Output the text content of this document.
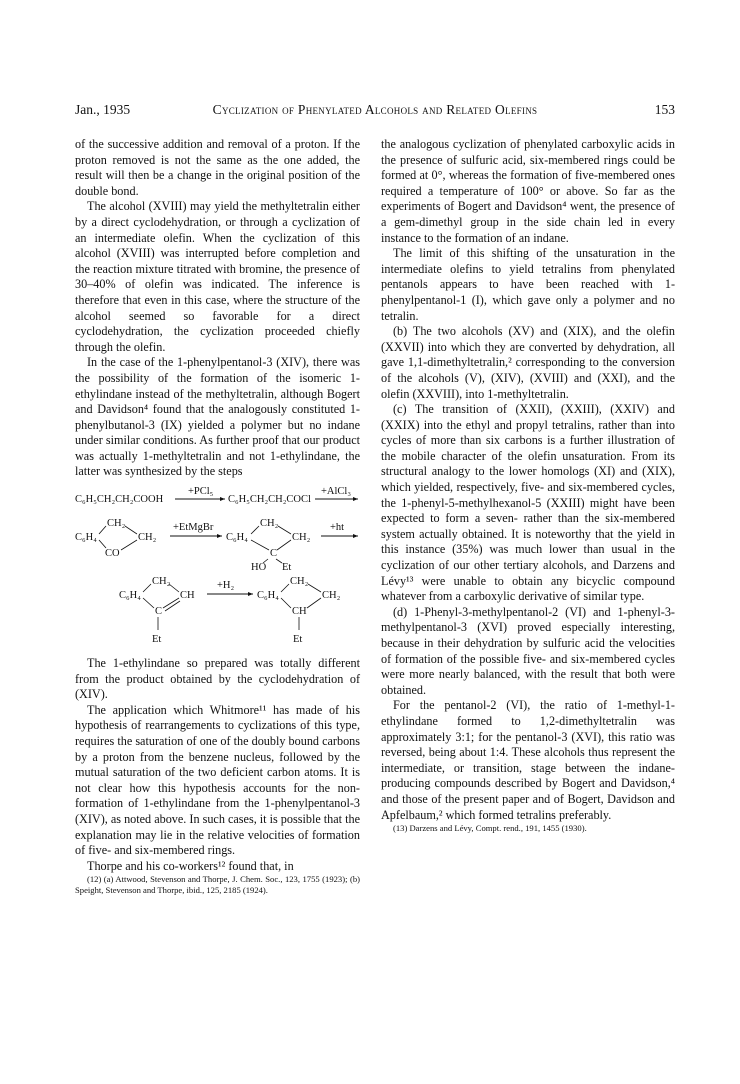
Jan., 1935	Cyclization of Phenylated Alcohols and Related Olefins	153

of the successive addition and removal of a proton. If the proton removed is not the same as the one added, the result will then be a change in the original position of the double bond.

The alcohol (XVIII) may yield the methyltetralin either by a direct cyclodehydration, or through a cyclization of an intermediate olefin. When the cyclization of this alcohol (XVIII) was interrupted before completion and the reaction mixture titrated with bromine, the presence of 30–40% of olefin was indicated. The inference is therefore that even in this case, where the structure of the alcohol seemed so favorable for a direct cyclodehydration, the cyclization proceeded chiefly through the olefin.

In the case of the 1-phenylpentanol-3 (XIV), there was the possibility of the formation of the isomeric 1-ethylindane instead of the methyltetralin, although Bogert and Davidson⁴ found that the analogously constituted 1-phenylbutanol-3 (IX) yielded a polymer but no indane under similar conditions. As further proof that our product was actually 1-methyltetralin and not 1-ethylindane, the latter was synthesized by the steps

C₆H₅CH₂CH₂COOH
+PCl₅
C₆H₅CH₂CH₂COCl
+AlCl₃
C₆H₄
CH₂
CH₂
CO
+EtMgBr
C₆H₄
CH₂
CH₂
C
HO Et
+ht
C₆H₄
CH₂
CH
C
Et
+H₂
C₆H₄
CH₂
CH₂
CH
Et

The 1-ethylindane so prepared was totally different from the product obtained by the cyclodehydration of (XIV).

The application which Whitmore¹¹ has made of his hypothesis of rearrangements to cyclizations of this type, requires the saturation of one of the doubly bound carbons by a proton from the benzene nucleus, followed by the mutual saturation of the two deficient carbon atoms. It is not clear how this hypothesis accounts for the non-formation of 1-ethylindane from the 1-phenylpentanol-3 (XIV), as noted above. In such cases, it is possible that the explanation may lie in the relative velocities of formation of five- and six-membered rings.

Thorpe and his co-workers¹² found that, in

(12) (a) Attwood, Stevenson and Thorpe, J. Chem. Soc., 123, 1755 (1923); (b) Speight, Stevenson and Thorpe, ibid., 125, 2185 (1924).

the analogous cyclization of phenylated carboxylic acids in the presence of sulfuric acid, six-membered rings could be formed at 0°, whereas the formation of five-membered ones required a temperature of 100° or above. So far as the experiments of Bogert and Davidson⁴ went, the presence of a gem-dimethyl group in the side chain led in every instance to the formation of an indane.

The limit of this shifting of the unsaturation in the intermediate olefins to yield tetralins from phenylated pentanols appears to have been reached with 1-phenylpentanol-1 (I), which gave only a polymer and no tetralin.

(b) The two alcohols (XV) and (XIX), and the olefin (XXVII) into which they are converted by dehydration, all gave 1,1-dimethyltetralin,² corresponding to the conversion of the alcohols (V), (XIV), (XVIII) and (XXI), and the olefin (XXVIII), into 1-methyltetralin.

(c) The transition of (XXII), (XXIII), (XXIV) and (XXIX) into the ethyl and propyl tetralins, rather than into cycles of more than six carbons is a further illustration of the mobile character of the olefin unsaturation. From its structural analogy to the lower homologs (XI) and (XIX), which yielded, respectively, five- and six-membered cycles, the 1-phenyl-5-methylhexanol-5 (XXIII) might have been expected to form a seven- rather than the six-membered system actually obtained. It is noteworthy that the yield in this instance (35%) was much lower than usual in the cyclization of our other tertiary alcohols, and Darzens and Lévy¹³ were unable to obtain any bicyclic compound whatever from a carboxylic derivative of similar type.

(d) 1-Phenyl-3-methylpentanol-2 (VI) and 1-phenyl-3-methylpentanol-3 (XVI) proved especially interesting, because in their dehydration by sulfuric acid the velocities of formation of the possible five- and six-membered cycles were more nearly balanced, with the result that both were obtained.

For the pentanol-2 (VI), the ratio of 1-methyl-1-ethylindane formed to 1,2-dimethyltetralin was approximately 3:1; for the pentanol-3 (XVI), this ratio was reversed, being about 1:4. These alcohols thus represent the intermediate, or transition, stage between the indane-producing compounds described by Bogert and Davidson,⁴ and those of the present paper and of Bogert, Davidson and Apfelbaum,² which formed tetralins preferably.

(13) Darzens and Lévy, Compt. rend., 191, 1455 (1930).
